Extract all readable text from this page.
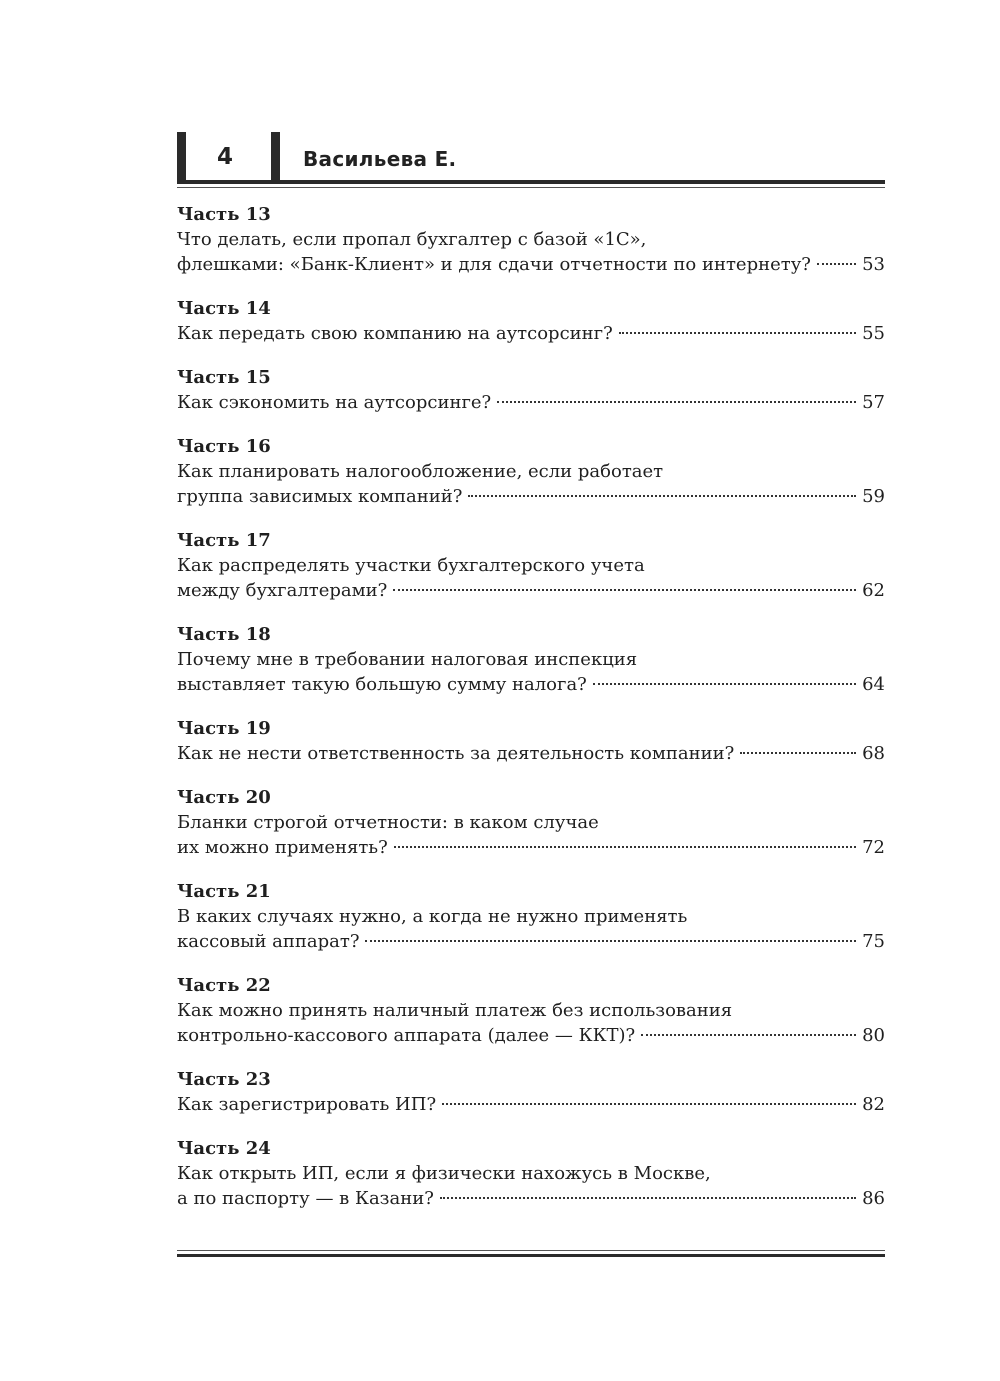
4	Васильева Е.
Часть 13
Что делать, если пропал бухгалтер с базой «1С»,
флешками: «Банк-Клиент» и для сдачи отчетности по интернету?	53
Часть 14
Как передать свою компанию на аутсорсинг?	55
Часть 15
Как сэкономить на аутсорсинге?	57
Часть 16
Как планировать налогообложение, если работает
группа зависимых компаний?	59
Часть 17
Как распределять участки бухгалтерского учета
между бухгалтерами?	62
Часть 18
Почему мне в требовании налоговая инспекция
выставляет такую большую сумму налога?	64
Часть 19
Как не нести ответственность за деятельность компании?	68
Часть 20
Бланки строгой отчетности: в каком случае
их можно применять?	72
Часть 21
В каких случаях нужно, а когда не нужно применять
кассовый аппарат?	75
Часть 22
Как можно принять наличный платеж без использования
контрольно-кассового аппарата (далее — ККТ)?	80
Часть 23
Как зарегистрировать ИП?	82
Часть 24
Как открыть ИП, если я физически нахожусь в Москве,
а по паспорту — в Казани?	86
